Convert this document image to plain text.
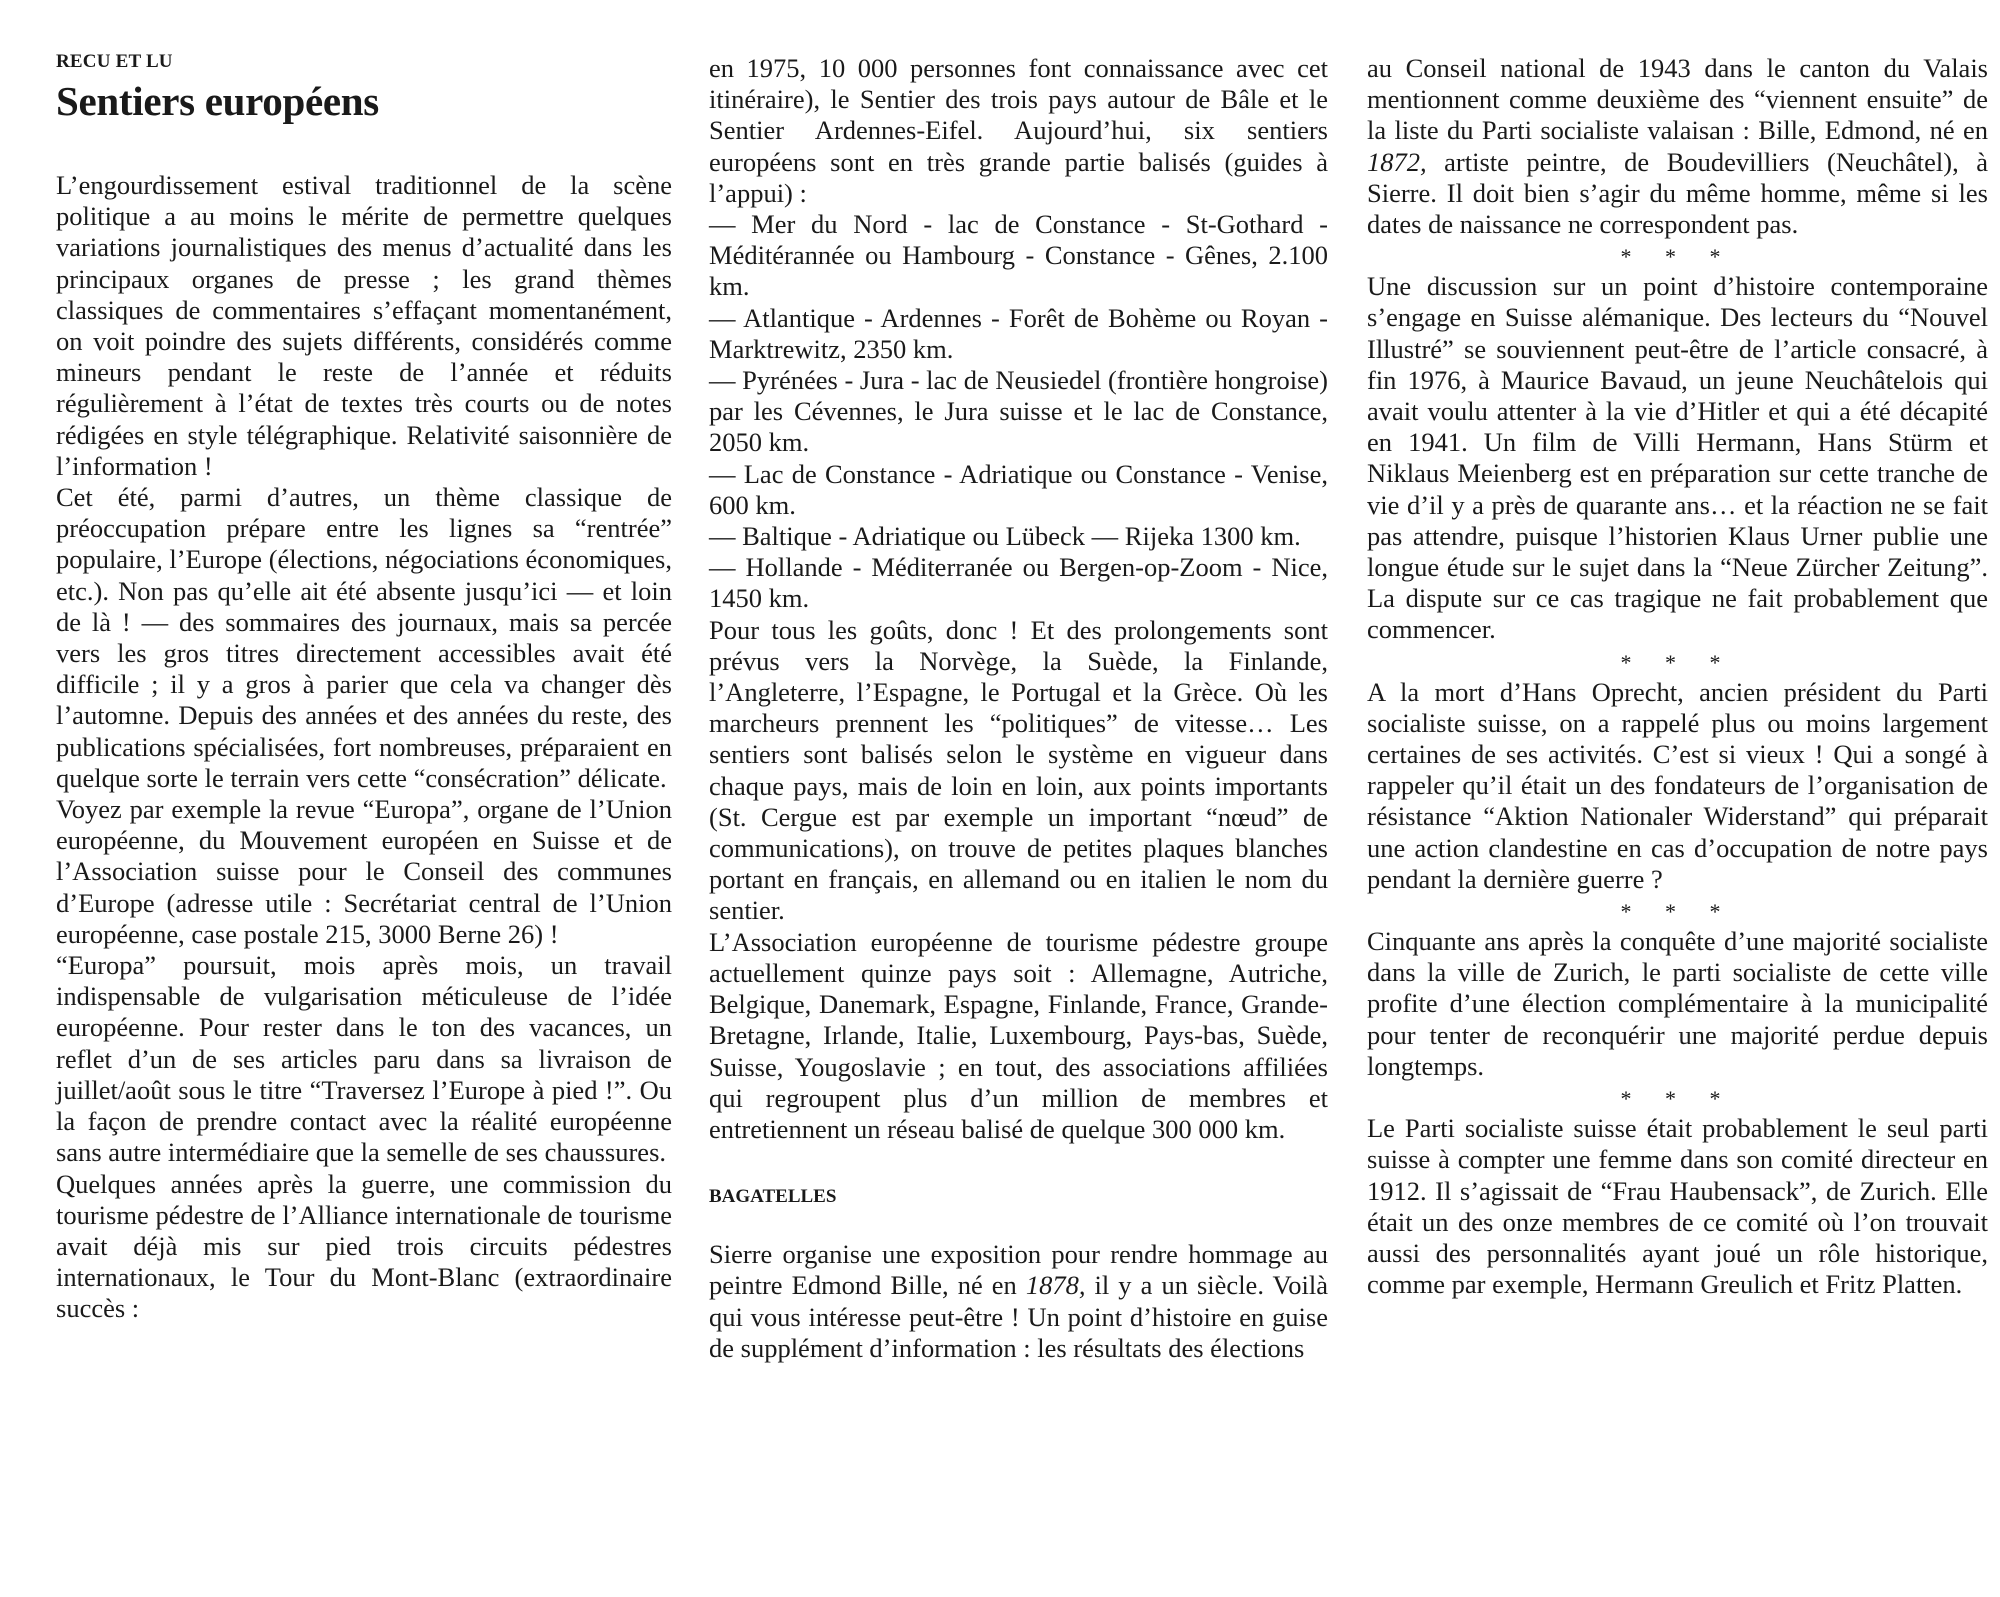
RECU ET LU
Sentiers européens

L’engourdissement estival traditionnel de la scène politique a au moins le mérite de permettre quelques variations journalistiques des menus d’actualité dans les principaux organes de presse ; les grand thèmes classiques de commentaires s’effaçant momentanément, on voit poindre des sujets différents, considérés comme mineurs pendant le reste de l’année et réduits régulièrement à l’état de textes très courts ou de notes rédigées en style télégraphique. Relativité saisonnière de l’information !

Cet été, parmi d’autres, un thème classique de préoccupation prépare entre les lignes sa “rentrée” populaire, l’Europe (élections, négociations économiques, etc.). Non pas qu’elle ait été absente jusqu’ici — et loin de là ! — des sommaires des journaux, mais sa percée vers les gros titres directement accessibles avait été difficile ; il y a gros à parier que cela va changer dès l’automne. Depuis des années et des années du reste, des publications spécialisées, fort nombreuses, préparaient en quelque sorte le terrain vers cette “consécration” délicate.

Voyez par exemple la revue “Europa”, organe de l’Union européenne, du Mouvement européen en Suisse et de l’Association suisse pour le Conseil des communes d’Europe (adresse utile : Secrétariat central de l’Union européenne, case postale 215, 3000 Berne 26) !

“Europa” poursuit, mois après mois, un travail indispensable de vulgarisation méticuleuse de l’idée européenne. Pour rester dans le ton des vacances, un reflet d’un de ses articles paru dans sa livraison de juillet/août sous le titre “Traversez l’Europe à pied !”. Ou la façon de prendre contact avec la réalité européenne sans autre intermédiaire que la semelle de ses chaussures.

Quelques années après la guerre, une commission du tourisme pédestre de l’Alliance internationale de tourisme avait déjà mis sur pied trois circuits pédestres internationaux, le Tour du Mont-Blanc (extraordinaire succès :

en 1975, 10 000 personnes font connaissance avec cet itinéraire), le Sentier des trois pays autour de Bâle et le Sentier Ardennes-Eifel. Aujourd’hui, six sentiers européens sont en très grande partie balisés (guides à l’appui) :

— Mer du Nord - lac de Constance - St-Gothard - Méditérannée ou Hambourg - Constance - Gênes, 2.100 km.

— Atlantique - Ardennes - Forêt de Bohème ou Royan - Marktrewitz, 2350 km.

— Pyrénées - Jura - lac de Neusiedel (frontière hongroise) par les Cévennes, le Jura suisse et le lac de Constance, 2050 km.

— Lac de Constance - Adriatique ou Constance - Venise, 600 km.

— Baltique - Adriatique ou Lübeck — Rijeka 1300 km.

— Hollande - Méditerranée ou Bergen-op-Zoom - Nice, 1450 km.

Pour tous les goûts, donc ! Et des prolongements sont prévus vers la Norvège, la Suède, la Finlande, l’Angleterre, l’Espagne, le Portugal et la Grèce. Où les marcheurs prennent les “politiques” de vitesse… Les sentiers sont balisés selon le système en vigueur dans chaque pays, mais de loin en loin, aux points importants (St. Cergue est par exemple un important “nœud” de communications), on trouve de petites plaques blanches portant en français, en allemand ou en italien le nom du sentier.

L’Association européenne de tourisme pédestre groupe actuellement quinze pays soit : Allemagne, Autriche, Belgique, Danemark, Espagne, Finlande, France, Grande-Bretagne, Irlande, Italie, Luxembourg, Pays-bas, Suède, Suisse, Yougoslavie ; en tout, des associations affiliées qui regroupent plus d’un million de membres et entretiennent un réseau balisé de quelque 300 000 km.

BAGATELLES

Sierre organise une exposition pour rendre hommage au peintre Edmond Bille, né en 1878, il y a un siècle. Voilà qui vous intéresse peut-être ! Un point d’histoire en guise de supplément d’information : les résultats des élections

au Conseil national de 1943 dans le canton du Valais mentionnent comme deuxième des “viennent ensuite” de la liste du Parti socialiste valaisan : Bille, Edmond, né en 1872, artiste peintre, de Boudevilliers (Neuchâtel), à Sierre. Il doit bien s’agir du même homme, même si les dates de naissance ne correspondent pas.

* * *

Une discussion sur un point d’histoire contemporaine s’engage en Suisse alémanique. Des lecteurs du “Nouvel Illustré” se souviennent peut-être de l’article consacré, à fin 1976, à Maurice Bavaud, un jeune Neuchâtelois qui avait voulu attenter à la vie d’Hitler et qui a été décapité en 1941. Un film de Villi Hermann, Hans Stürm et Niklaus Meienberg est en préparation sur cette tranche de vie d’il y a près de quarante ans… et la réaction ne se fait pas attendre, puisque l’historien Klaus Urner publie une longue étude sur le sujet dans la “Neue Zürcher Zeitung”. La dispute sur ce cas tragique ne fait probablement que commencer.

* * *

A la mort d’Hans Oprecht, ancien président du Parti socialiste suisse, on a rappelé plus ou moins largement certaines de ses activités. C’est si vieux ! Qui a songé à rappeler qu’il était un des fondateurs de l’organisation de résistance “Aktion Nationaler Widerstand” qui préparait une action clandestine en cas d’occupation de notre pays pendant la dernière guerre ?

* * *

Cinquante ans après la conquête d’une majorité socialiste dans la ville de Zurich, le parti socialiste de cette ville profite d’une élection complémentaire à la municipalité pour tenter de reconquérir une majorité perdue depuis longtemps.

* * *

Le Parti socialiste suisse était probablement le seul parti suisse à compter une femme dans son comité directeur en 1912. Il s’agissait de “Frau Haubensack”, de Zurich. Elle était un des onze membres de ce comité où l’on trouvait aussi des personnalités ayant joué un rôle historique, comme par exemple, Hermann Greulich et Fritz Platten.
